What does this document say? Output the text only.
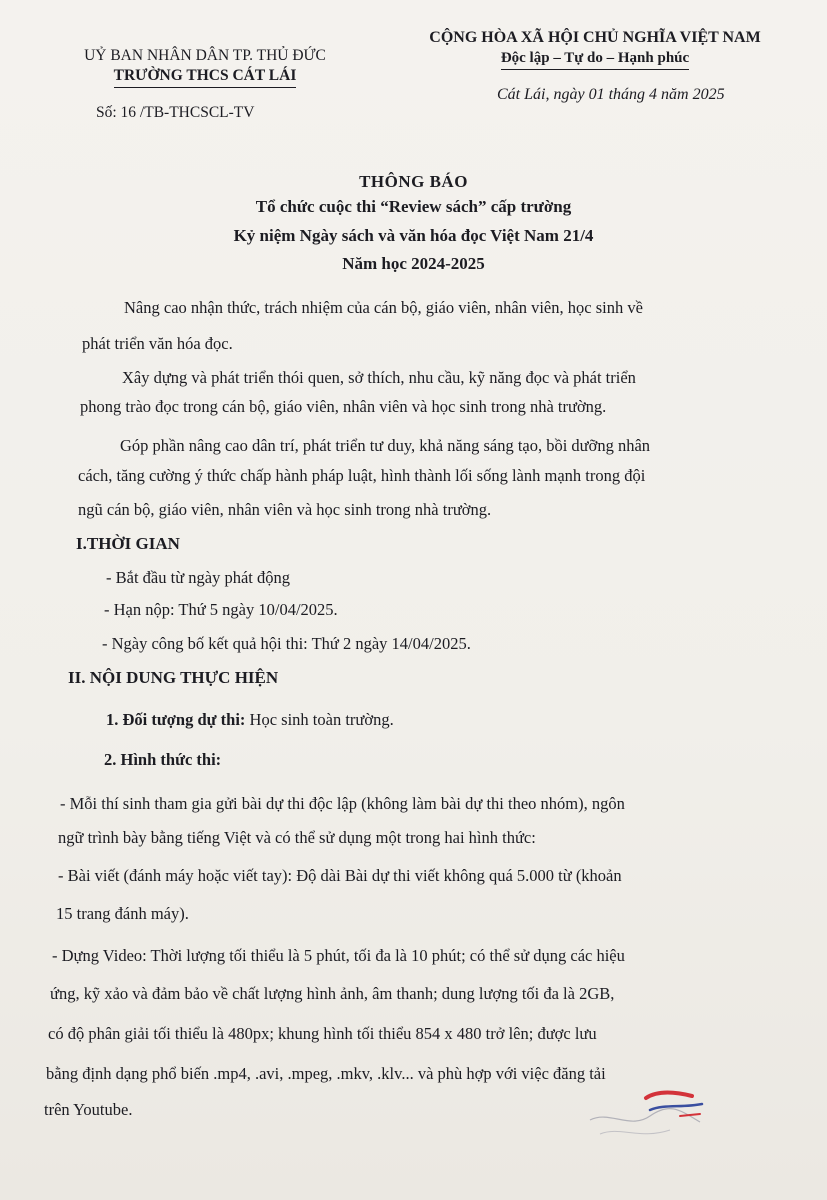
UỶ BAN NHÂN DÂN TP. THỦ ĐỨC
TRƯỜNG THCS CÁT LÁI
CỘNG HÒA XÃ HỘI CHỦ NGHĨA VIỆT NAM
Độc lập – Tự do – Hạnh phúc
Cát Lái, ngày 01 tháng 4 năm 2025
Số: 16 /TB-THCSCL-TV
THÔNG BÁO
Tổ chức cuộc thi “Review sách” cấp trường
Kỷ niệm Ngày sách và văn hóa đọc Việt Nam 21/4
Năm học 2024-2025
Nâng cao nhận thức, trách nhiệm của cán bộ, giáo viên, nhân viên, học sinh về
phát triển văn hóa đọc.
Xây dựng và phát triển thói quen, sở thích, nhu cầu, kỹ năng đọc và phát triển
phong trào đọc trong cán bộ, giáo viên, nhân viên và học sinh trong nhà trường.
Góp phần nâng cao dân trí, phát triển tư duy, khả năng sáng tạo, bồi dưỡng nhân
cách, tăng cường ý thức chấp hành pháp luật, hình thành lối sống lành mạnh trong đội
ngũ cán bộ, giáo viên, nhân viên và học sinh trong nhà trường.
I.THỜI GIAN
- Bắt đầu từ ngày phát động
- Hạn nộp: Thứ 5 ngày 10/04/2025.
- Ngày công bố kết quả hội thi: Thứ 2 ngày 14/04/2025.
II. NỘI DUNG THỰC HIỆN
1. Đối tượng dự thi: Học sinh toàn trường.
2. Hình thức thi:
- Mỗi thí sinh tham gia gửi bài dự thi độc lập (không làm bài dự thi theo nhóm), ngôn
ngữ trình bày bằng tiếng Việt và có thể sử dụng một trong hai hình thức:
- Bài viết (đánh máy hoặc viết tay): Độ dài Bài dự thi viết không quá 5.000 từ (khoản
15 trang đánh máy).
- Dựng Video: Thời lượng tối thiểu là 5 phút, tối đa là 10 phút; có thể sử dụng các hiệu
ứng, kỹ xảo và đảm bảo về chất lượng hình ảnh, âm thanh; dung lượng tối đa là 2GB,
có độ phân giải tối thiểu là 480px; khung hình tối thiểu 854 x 480 trở lên; được lưu
bằng định dạng phổ biến .mp4, .avi, .mpeg, .mkv, .klv... và phù hợp với việc đăng tải
trên Youtube.
